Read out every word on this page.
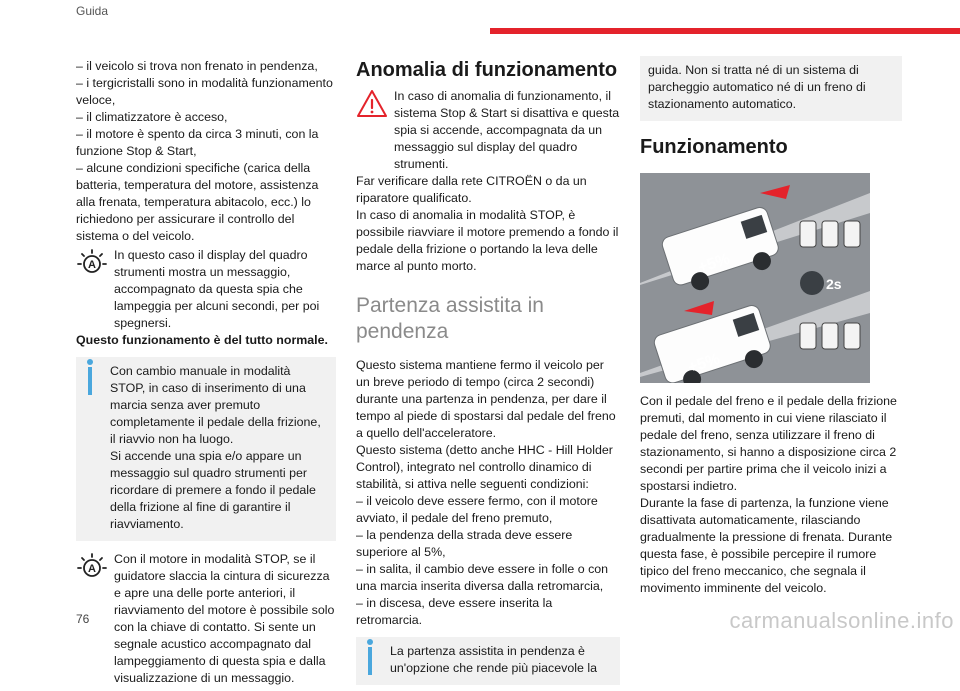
Guida

– il veicolo si trova non frenato in pendenza,

– i tergicristalli sono in modalità funzionamento veloce,

– il climatizzatore è acceso,

– il motore è spento da circa 3 minuti, con la funzione Stop & Start,

– alcune condizioni specifiche (carica della batteria, temperatura del motore, assistenza alla frenata, temperatura abitacolo, ecc.) lo richiedono per assicurare il controllo del sistema o del veicolo.

A

In questo caso il display del quadro strumenti mostra un messaggio, accompagnato da questa spia che lampeggia per alcuni secondi, per poi spegnersi.

Questo funzionamento è del tutto normale.

Con cambio manuale in modalità STOP, in caso di inserimento di una marcia senza aver premuto completamente il pedale della frizione, il riavvio non ha luogo.

Si accende una spia e/o appare un messaggio sul quadro strumenti per ricordare di premere a fondo il pedale della frizione al fine di garantire il riavviamento.

A

Con il motore in modalità STOP, se il guidatore slaccia la cintura di sicurezza e apre una delle porte anteriori, il riavviamento del motore è possibile solo con la chiave di contatto. Si sente un segnale acustico accompagnato dal lampeggiamento di questa spia e dalla visualizzazione di un messaggio.

Anomalia di funzionamento

In caso di anomalia di funzionamento, il sistema Stop & Start si disattiva e questa spia si accende, accompagnata da un messaggio sul display del quadro strumenti.

Far verificare dalla rete CITROËN o da un riparatore qualificato.

In caso di anomalia in modalità STOP, è possibile riavviare il motore premendo a fondo il pedale della frizione o portando la leva delle marce al punto morto.

Partenza assistita in pendenza

Questo sistema mantiene fermo il veicolo per un breve periodo di tempo (circa 2 secondi) durante una partenza in pendenza, per dare il tempo al piede di spostarsi dal pedale del freno a quello dell'acceleratore.

Questo sistema (detto anche HHC - Hill Holder Control), integrato nel controllo dinamico di stabilità, si attiva nelle seguenti condizioni:

– il veicolo deve essere fermo, con il motore avviato, il pedale del freno premuto,

– la pendenza della strada deve essere superiore al 5%,

– in salita, il cambio deve essere in folle o con una marcia inserita diversa dalla retromarcia,

– in discesa, deve essere inserita la retromarcia.

La partenza assistita in pendenza è un'opzione che rende più piacevole la

guida. Non si tratta né di un sistema di parcheggio automatico né di un freno di stazionamento automatico.

Funzionamento
+5%
2s
+5%

Con il pedale del freno e il pedale della frizione premuti, dal momento in cui viene rilasciato il pedale del freno, senza utilizzare il freno di stazionamento, si hanno a disposizione circa 2 secondi per partire prima che il veicolo inizi a spostarsi indietro.

Durante la fase di partenza, la funzione viene disattivata automaticamente, rilasciando gradualmente la pressione di frenata. Durante questa fase, è possibile percepire il rumore tipico del freno meccanico, che segnala il movimento imminente del veicolo.

76	carmanualsonline.info
